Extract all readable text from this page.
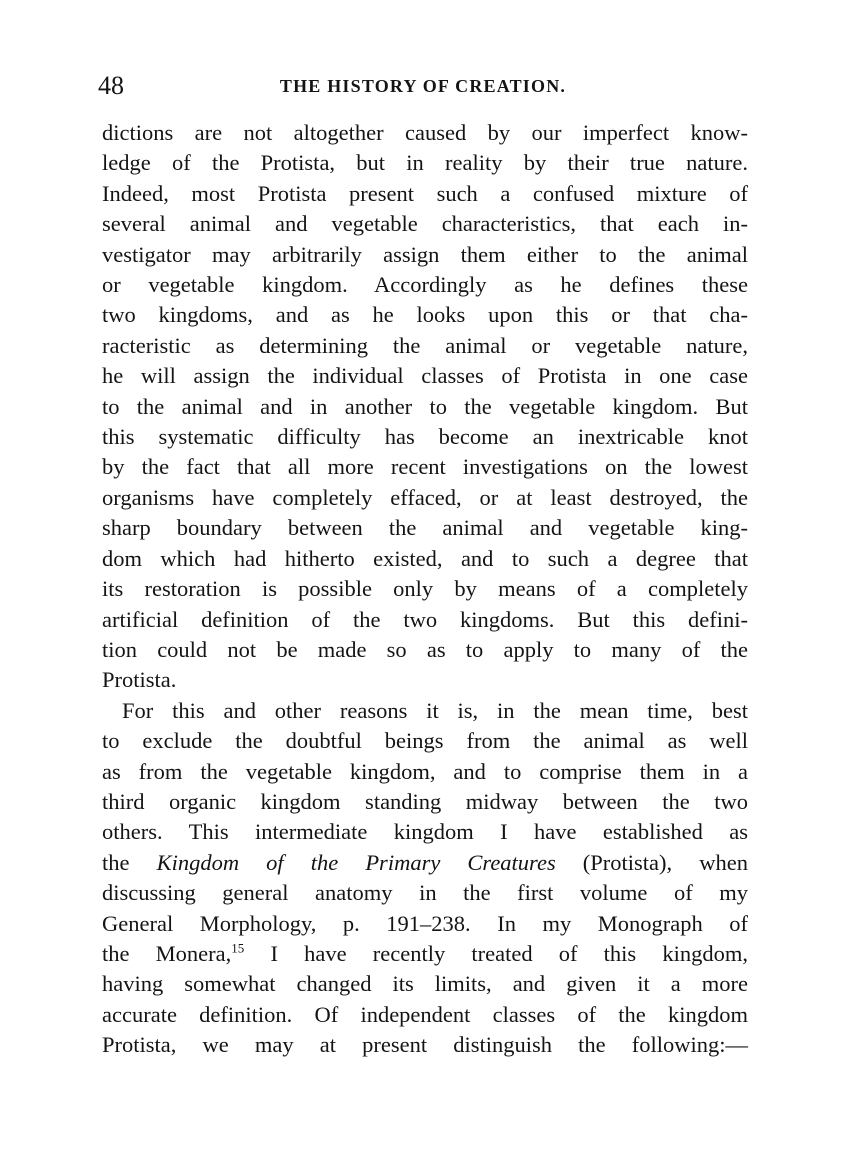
48	THE HISTORY OF CREATION.
dictions are not altogether caused by our imperfect know-
ledge of the Protista, but in reality by their true nature.
Indeed, most Protista present such a confused mixture of
several animal and vegetable characteristics, that each in-
vestigator may arbitrarily assign them either to the animal
or vegetable kingdom. Accordingly as he defines these
two kingdoms, and as he looks upon this or that cha-
racteristic as determining the animal or vegetable nature,
he will assign the individual classes of Protista in one case
to the animal and in another to the vegetable kingdom. But
this systematic difficulty has become an inextricable knot
by the fact that all more recent investigations on the lowest
organisms have completely effaced, or at least destroyed, the
sharp boundary between the animal and vegetable king-
dom which had hitherto existed, and to such a degree that
its restoration is possible only by means of a completely
artificial definition of the two kingdoms. But this defini-
tion could not be made so as to apply to many of the
Protista.
For this and other reasons it is, in the mean time, best
to exclude the doubtful beings from the animal as well
as from the vegetable kingdom, and to comprise them in a
third organic kingdom standing midway between the two
others. This intermediate kingdom I have established as
the Kingdom of the Primary Creatures (Protista), when
discussing general anatomy in the first volume of my
General Morphology, p. 191–238. In my Monograph of
the Monera,$^{15}$ I have recently treated of this kingdom,
having somewhat changed its limits, and given it a more
accurate definition. Of independent classes of the kingdom
Protista, we may at present distinguish the following:—
